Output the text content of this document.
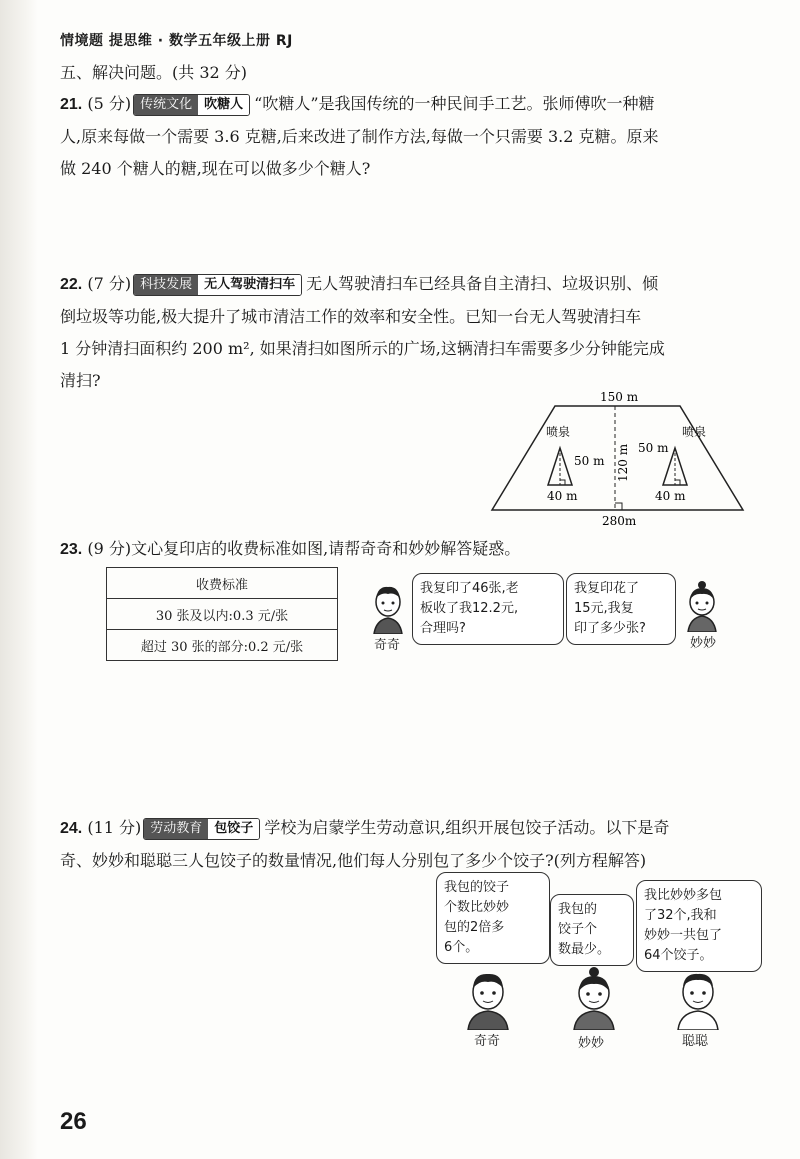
情境题 提思维 · 数学五年级上册 RJ
五、解决问题。(共 32 分)
21. (5 分) 传统文化 吹糖人 “吹糖人”是我国传统的一种民间手工艺。张师傅吹一种糖
人,原来每做一个需要 3.6 克糖,后来改进了制作方法,每做一个只需要 3.2 克糖。原来
做 240 个糖人的糖,现在可以做多少个糖人?
22. (7 分) 科技发展 无人驾驶清扫车 无人驾驶清扫车已经具备自主清扫、垃圾识别、倾
倒垃圾等功能,极大提升了城市清洁工作的效率和安全性。已知一台无人驾驶清扫车
1 分钟清扫面积约 200 m², 如果清扫如图所示的广场,这辆清扫车需要多少分钟能完成
清扫?
150 m
280m
120 m
喷泉
50 m
40 m
喷泉
50 m
40 m
23. (9 分)文心复印店的收费标准如图,请帮奇奇和妙妙解答疑惑。
收费标准
30 张及以内:0.3 元/张
超过 30 张的部分:0.2 元/张	奇奇
我复印了46张,老
板收了我12.2元,
合理吗?
我复印花了
15元,我复
印了多少张?
妙妙
24. (11 分) 劳动教育 包饺子 学校为启蒙学生劳动意识,组织开展包饺子活动。以下是奇
奇、妙妙和聪聪三人包饺子的数量情况,他们每人分别包了多少个饺子?(列方程解答)
我包的饺子
个数比妙妙
包的2倍多
6个。
我包的
饺子个
数最少。
我比妙妙多包
了32个,我和
妙妙一共包了
64个饺子。
奇奇	妙妙	聪聪
26
